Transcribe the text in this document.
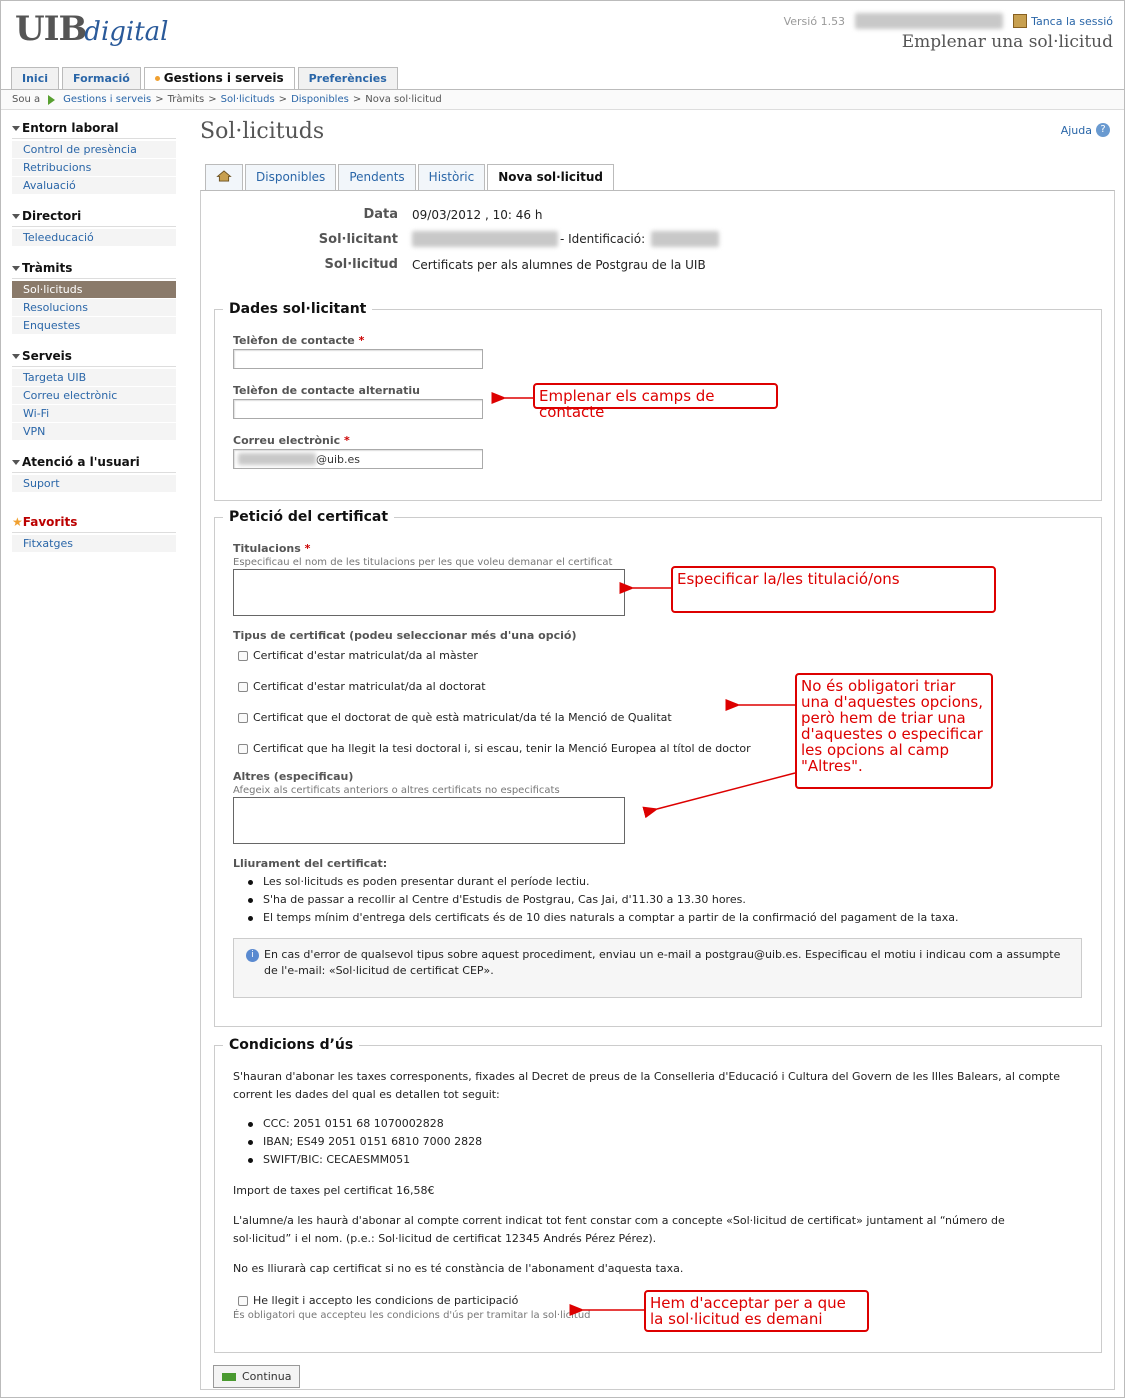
UIBdigital	Versió 1.53	Tanca la sessió
Emplenar una sol·licitud
Inici	Formació	Gestions i serveis	Preferències
Sou a Gestions i serveis > Tràmits > Sol·licituds > Disponibles > Nova sol·licitud
Entorn laboral
Control de presència
Retribucions
Avaluació
Directori
Teleeducació
Tràmits
Sol·licituds
Resolucions
Enquestes
Serveis
Targeta UIB
Correu electrònic
Wi-Fi
VPN
Atenció a l'usuari
Suport
★Favorits
Fitxatges
Sol·licituds	Ajuda ?
Disponibles	Pendents	Històric	Nova sol·licitud
Data 09/03/2012 , 10: 46 h
Sol·licitant	- Identificació:
Sol·licitud Certificats per als alumnes de Postgrau de la UIB
Dades sol·licitant
Telèfon de contacte *
Telèfon de contacte alternatiu
Correu electrònic *
@uib.es
Petició del certificat
Titulacions *
Especificau el nom de les titulacions per les que voleu demanar el certificat
Tipus de certificat (podeu seleccionar més d'una opció)
Certificat d'estar matriculat/da al màster
Certificat d'estar matriculat/da al doctorat
Certificat que el doctorat de què està matriculat/da té la Menció de Qualitat
Certificat que ha llegit la tesi doctoral i, si escau, tenir la Menció Europea al títol de doctor
Altres (especificau)
Afegeix als certificats anteriors o altres certificats no especificats
Lliurament del certificat:
Les sol·licituds es poden presentar durant el període lectiu.
S'ha de passar a recollir al Centre d'Estudis de Postgrau, Cas Jai, d'11.30 a 13.30 hores.
El temps mínim d'entrega dels certificats és de 10 dies naturals a comptar a partir de la confirmació del pagament de la taxa.
i En cas d'error de qualsevol tipus sobre aquest procediment, enviau un e-mail a postgrau@uib.es. Especificau el motiu i indicau com a assumpte de l'e-mail: «Sol·licitud de certificat CEP».
Condicions d’ús
S'hauran d'abonar les taxes corresponents, fixades al Decret de preus de la Conselleria d'Educació i Cultura del Govern de les Illes Balears, al compte corrent les dades del qual es detallen tot seguit:
CCC: 2051 0151 68 1070002828
IBAN; ES49 2051 0151 6810 7000 2828
SWIFT/BIC: CECAESMM051
Import de taxes pel certificat 16,58€
L'alumne/a les haurà d'abonar al compte corrent indicat tot fent constar com a concepte «Sol·licitud de certificat» juntament al “número de sol·licitud” i el nom. (p.e.: Sol·licitud de certificat 12345 Andrés Pérez Pérez).
No es lliurarà cap certificat si no es té constància de l'abonament d'aquesta taxa.
He llegit i accepto les condicions de participació
És obligatori que accepteu les condicions d'ús per tramitar la sol·licitud
Continua
Emplenar els camps de contacte
Especificar la/les titulació/ons
No és obligatori triar una d'aquestes opcions, però hem de triar una d'aquestes o especificar les opcions al camp "Altres".
Hem d'acceptar per a que la sol·licitud es demani
